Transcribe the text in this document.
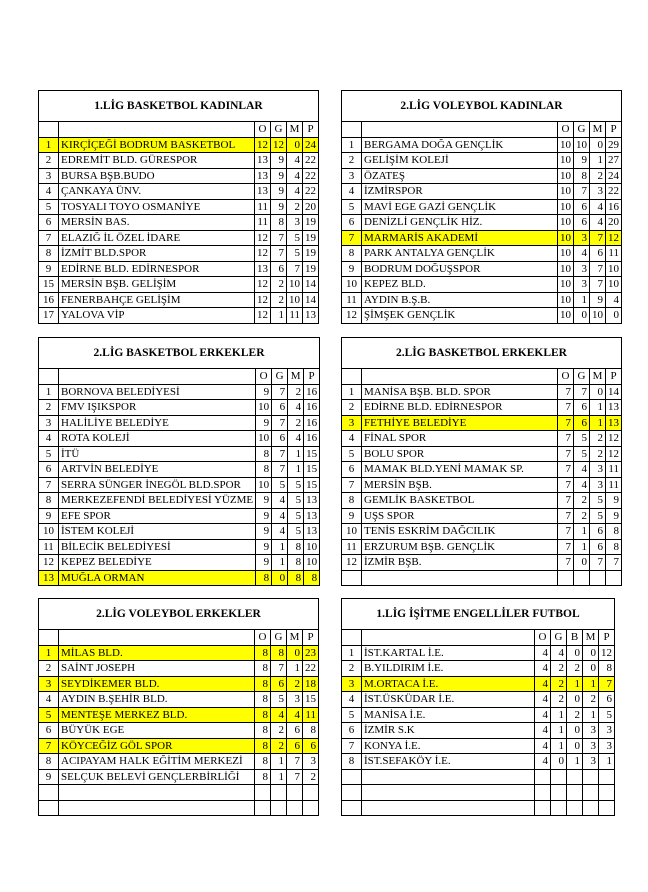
1.LİG BASKETBOL KADINLAR					
		O	G	M	P
1	KIRÇİÇEĞİ BODRUM BASKETBOL	12	12	0	24
2	EDREMİT BLD. GÜRESPOR	13	9	4	22
3	BURSA BŞB.BUDO	13	9	4	22
4	ÇANKAYA ÜNV.	13	9	4	22
5	TOSYALI TOYO OSMANİYE	11	9	2	20
6	MERSİN BAS.	11	8	3	19
7	ELAZIĞ İL ÖZEL İDARE	12	7	5	19
8	İZMİT BLD.SPOR	12	7	5	19
9	EDİRNE BLD. EDİRNESPOR	13	6	7	19
15	MERSİN BŞB. GELİŞİM	12	2	10	14
16	FENERBAHÇE GELİŞİM	12	2	10	14
17	YALOVA VİP	12	1	11	13
2.LİG VOLEYBOL KADINLAR					
		O	G	M	P
1	BERGAMA DOĞA GENÇLİK	10	10	0	29
2	GELİŞİM KOLEJİ	10	9	1	27
3	ÖZATEŞ	10	8	2	24
4	İZMİRSPOR	10	7	3	22
5	MAVİ EGE GAZİ GENÇLİK	10	6	4	16
6	DENİZLİ GENÇLİK HİZ.	10	6	4	20
7	MARMARİS AKADEMİ	10	3	7	12
8	PARK ANTALYA GENÇLİK	10	4	6	11
9	BODRUM DOĞUŞSPOR	10	3	7	10
10	KEPEZ BLD.	10	3	7	10
11	AYDIN B.Ş.B.	10	1	9	4
12	ŞİMŞEK GENÇLİK	10	0	10	0
2.LİG BASKETBOL ERKEKLER					
		O	G	M	P
1	BORNOVA BELEDİYESİ	9	7	2	16
2	FMV IŞIKSPOR	10	6	4	16
3	HALİLİYE BELEDİYE	9	7	2	16
4	ROTA KOLEJİ	10	6	4	16
5	İTÜ	8	7	1	15
6	ARTVİN BELEDİYE	8	7	1	15
7	SERRA SÜNGER İNEGÖL BLD.SPOR	10	5	5	15
8	MERKEZEFENDİ BELEDİYESİ YÜZME	9	4	5	13
9	EFE SPOR	9	4	5	13
10	İSTEM KOLEJİ	9	4	5	13
11	BİLECİK BELEDİYESİ	9	1	8	10
12	KEPEZ BELEDİYE	9	1	8	10
13	MUĞLA ORMAN	8	0	8	8
2.LİG BASKETBOL ERKEKLER					
		O	G	M	P
1	MANİSA BŞB. BLD. SPOR	7	7	0	14
2	EDİRNE BLD. EDİRNESPOR	7	6	1	13
3	FETHİYE BELEDİYE	7	6	1	13
4	FİNAL SPOR	7	5	2	12
5	BOLU SPOR	7	5	2	12
6	MAMAK BLD.YENİ MAMAK SP.	7	4	3	11
7	MERSİN BŞB.	7	4	3	11
8	GEMLİK BASKETBOL	7	2	5	9
9	UŞS SPOR	7	2	5	9
10	TENİS ESKRİM DAĞCILIK	7	1	6	8
11	ERZURUM BŞB. GENÇLİK	7	1	6	8
12	İZMİR BŞB.	7	0	7	7

2.LİG VOLEYBOL ERKEKLER					
		O	G	M	P
1	MİLAS BLD.	8	8	0	23
2	SAİNT JOSEPH	8	7	1	22
3	SEYDİKEMER BLD.	8	6	2	18
4	AYDIN B.ŞEHİR BLD.	8	5	3	15
5	MENTEŞE MERKEZ BLD.	8	4	4	11
6	BÜYÜK EGE	8	2	6	8
7	KÖYCEĞİZ GÖL SPOR	8	2	6	6
8	ACIPAYAM HALK EĞİTİM MERKEZİ	8	1	7	3
9	SELÇUK BELEVİ GENÇLERBİRLİĞİ	8	1	7	2

1.LİG İŞİTME ENGELLİLER FUTBOL						
		O	G	B	M	P
1	İST.KARTAL İ.E.	4	4	0	0	12
2	B.YILDIRIM İ.E.	4	2	2	0	8
3	M.ORTACA İ.E.	4	2	1	1	7
4	İST.ÜSKÜDAR İ.E.	4	2	0	2	6
5	MANİSA İ.E.	4	1	2	1	5
6	İZMİR S.K	4	1	0	3	3
7	KONYA İ.E.	4	1	0	3	3
8	İST.SEFAKÖY İ.E.	4	0	1	3	1
